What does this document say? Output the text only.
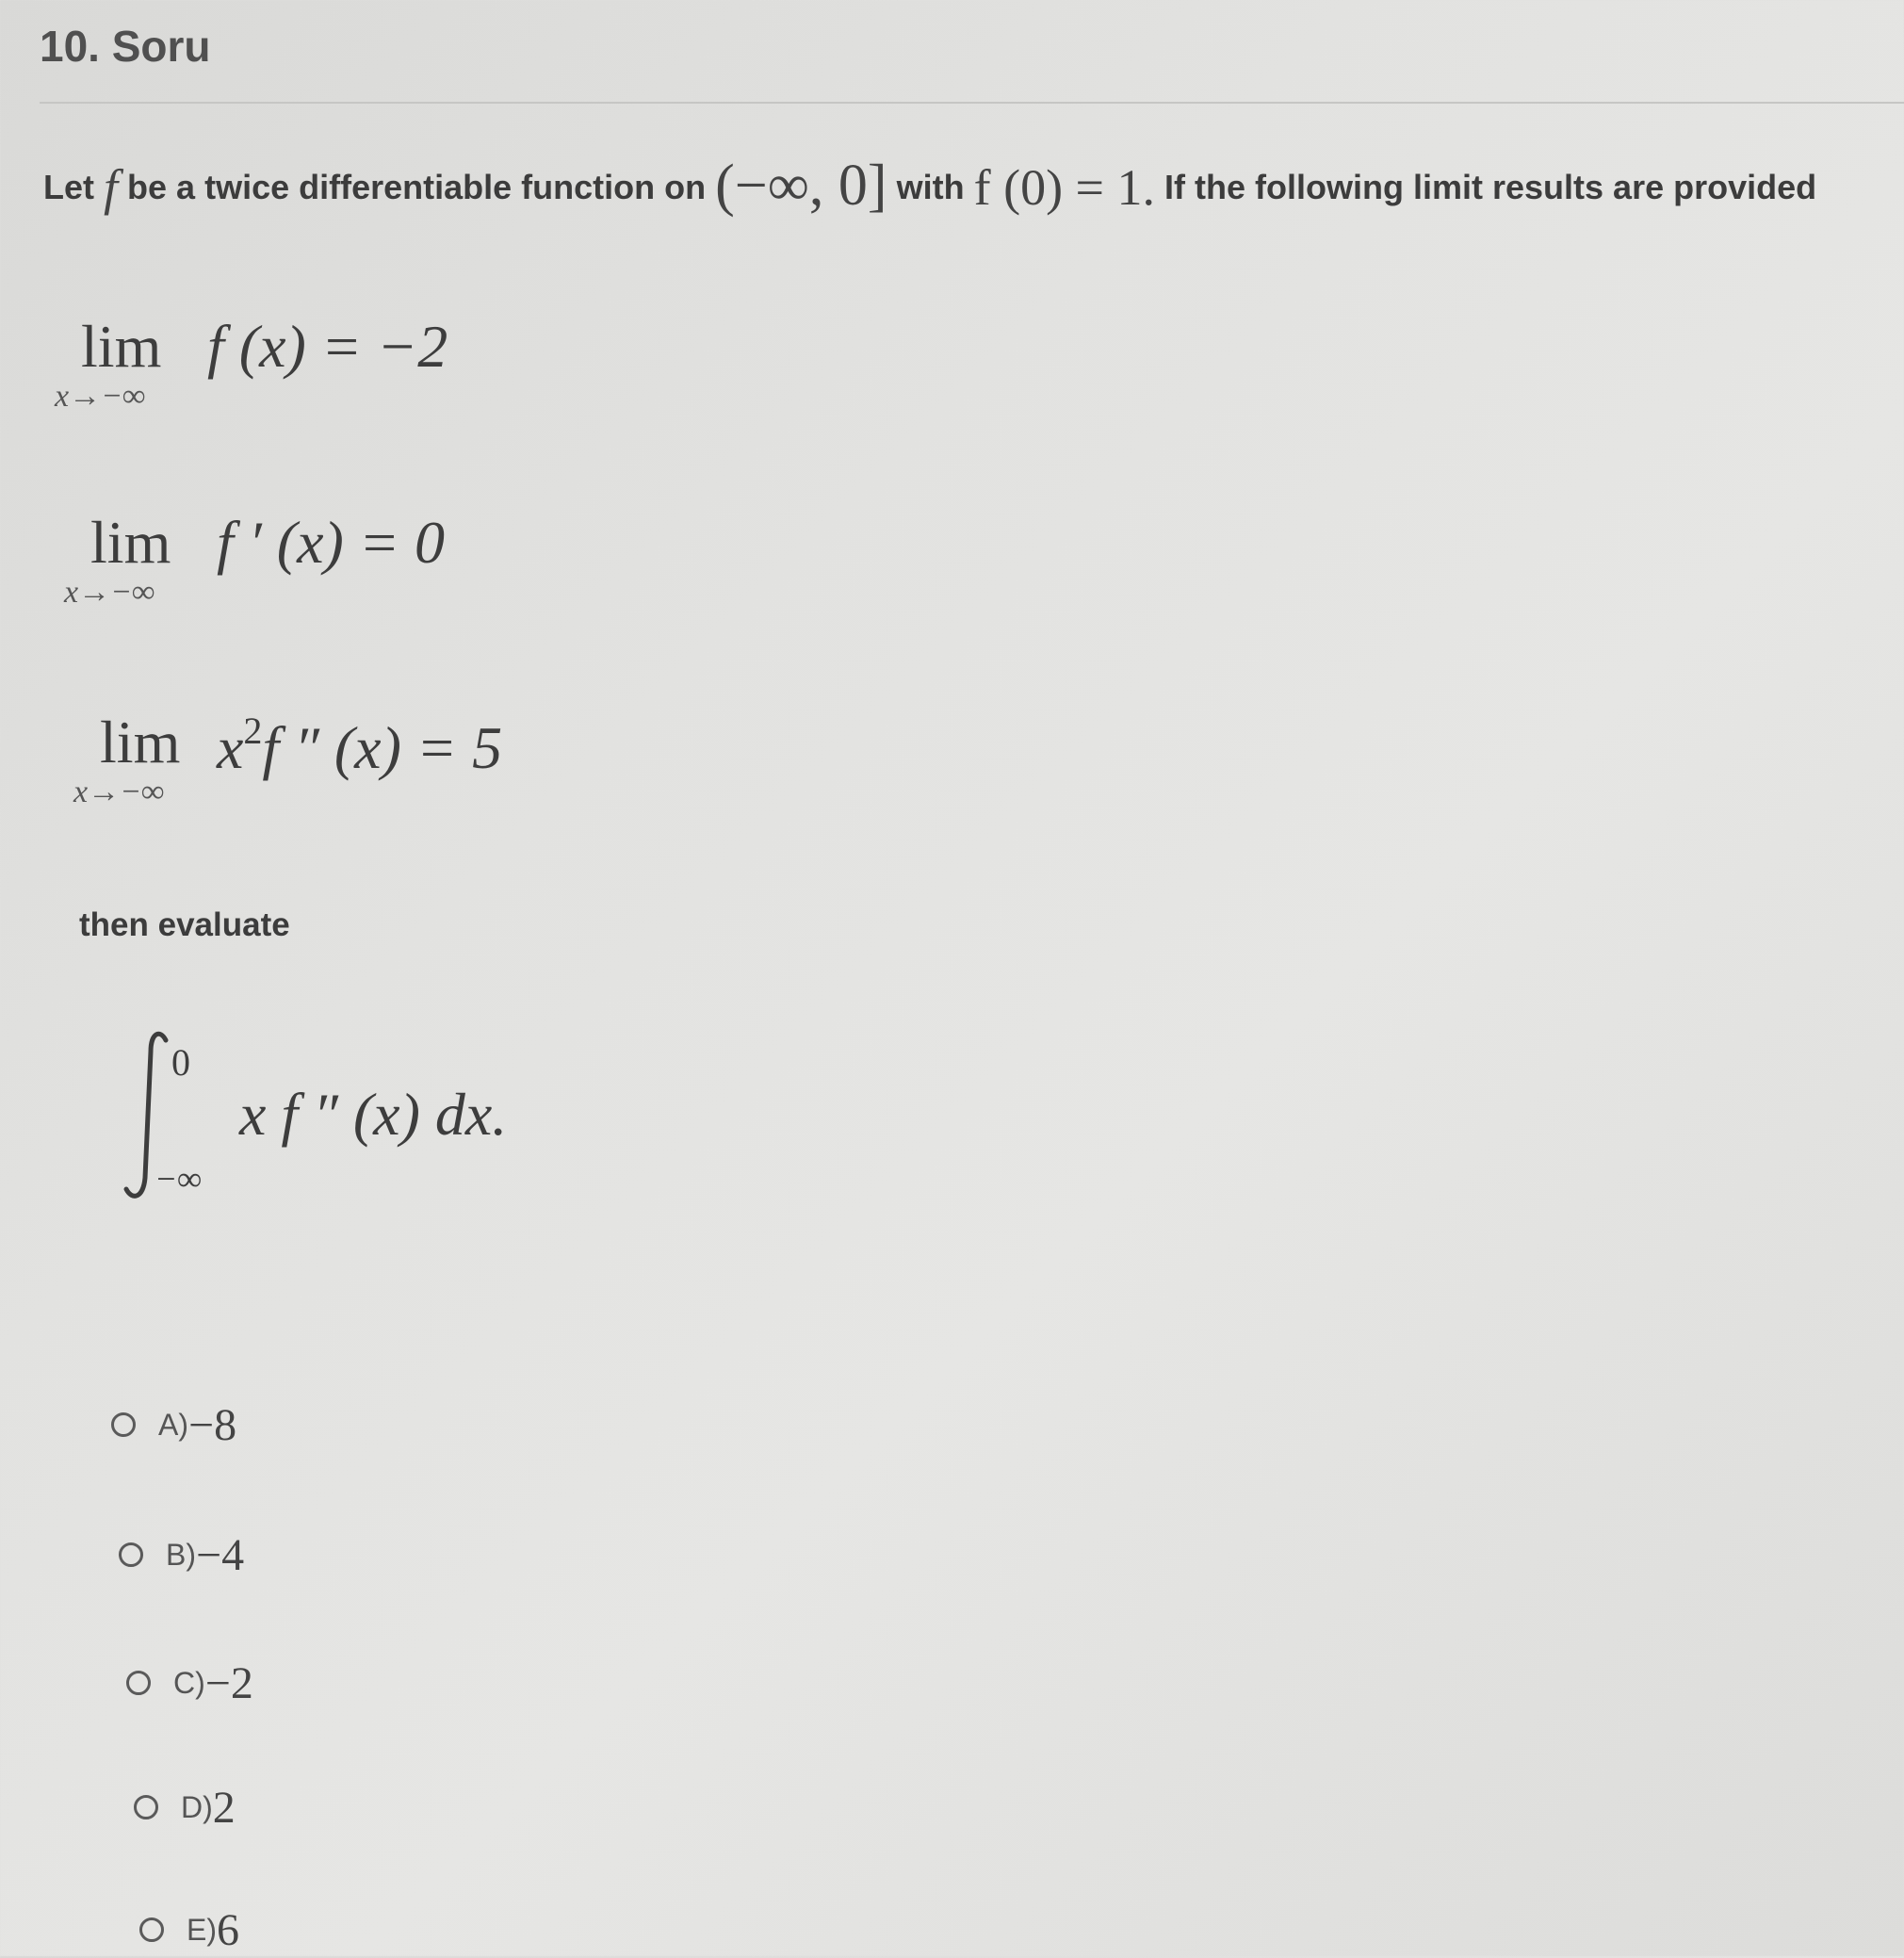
10. Soru
Let f be a twice differentiable function on (−∞, 0] with f (0) = 1. If the following limit results are provided
lim
x→−∞
f (x) = −2
lim
x→−∞
f ′ (x) = 0
lim
x→−∞
$x^2f$ ″ (x) = 5
then evaluate
0
−∞
x f ″ (x) dx.
A) −8
B) −4
C) −2
D) 2
E) 6
